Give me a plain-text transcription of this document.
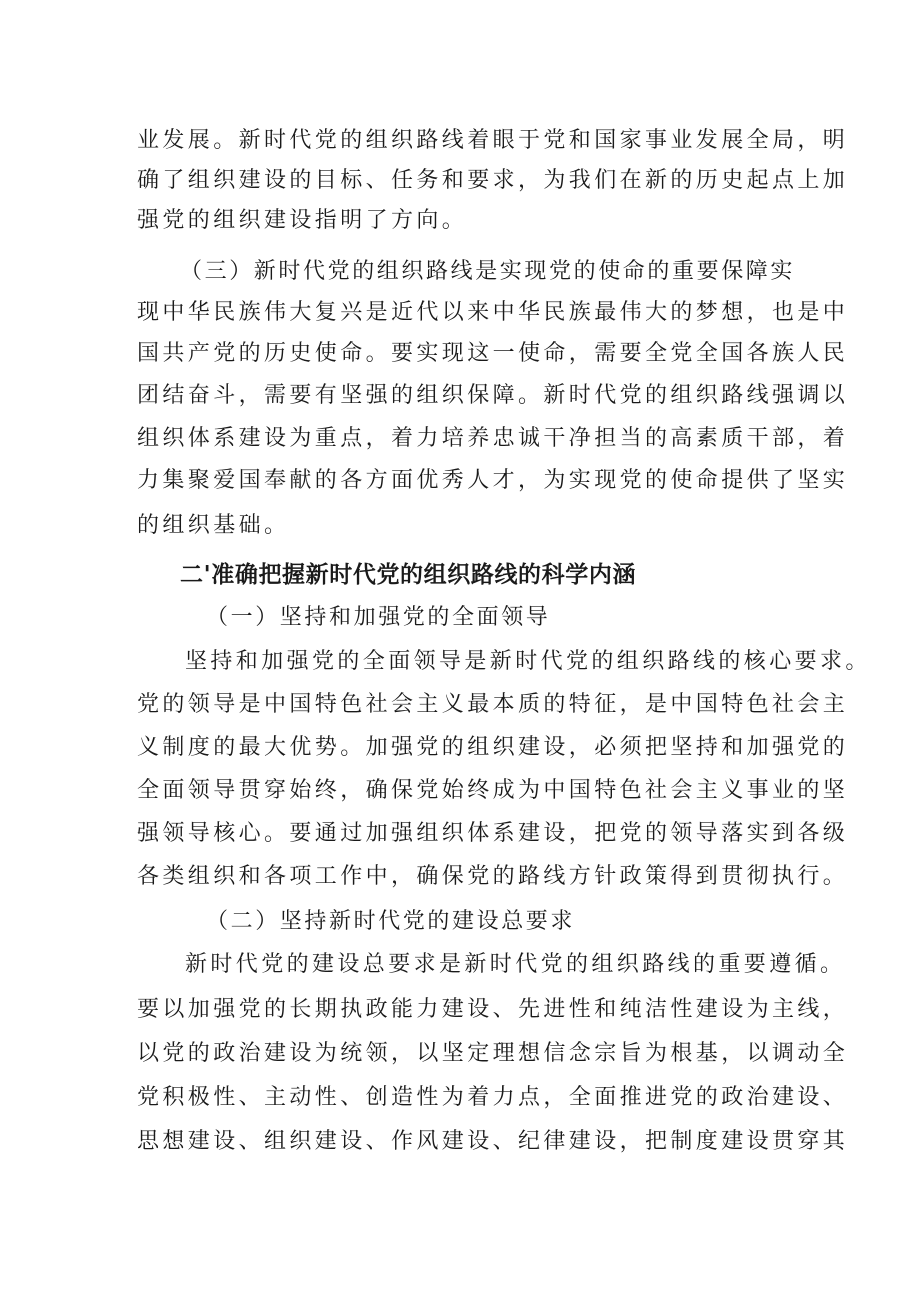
业发展。新时代党的组织路线着眼于党和国家事业发展全局，明
确了组织建设的目标、任务和要求，为我们在新的历史起点上加
强党的组织建设指明了方向。
（三）新时代党的组织路线是实现党的使命的重要保障实
现中华民族伟大复兴是近代以来中华民族最伟大的梦想，也是中
国共产党的历史使命。要实现这一使命，需要全党全国各族人民
团结奋斗，需要有坚强的组织保障。新时代党的组织路线强调以
组织体系建设为重点，着力培养忠诚干净担当的高素质干部，着
力集聚爱国奉献的各方面优秀人才，为实现党的使命提供了坚实
的组织基础。
二'准确把握新时代党的组织路线的科学内涵
（一）坚持和加强党的全面领导
坚持和加强党的全面领导是新时代党的组织路线的核心要求。
党的领导是中国特色社会主义最本质的特征，是中国特色社会主
义制度的最大优势。加强党的组织建设，必须把坚持和加强党的
全面领导贯穿始终，确保党始终成为中国特色社会主义事业的坚
强领导核心。要通过加强组织体系建设，把党的领导落实到各级
各类组织和各项工作中，确保党的路线方针政策得到贯彻执行。
（二）坚持新时代党的建设总要求
新时代党的建设总要求是新时代党的组织路线的重要遵循。
要以加强党的长期执政能力建设、先进性和纯洁性建设为主线，
以党的政治建设为统领，以坚定理想信念宗旨为根基，以调动全
党积极性、主动性、创造性为着力点，全面推进党的政治建设、
思想建设、组织建设、作风建设、纪律建设，把制度建设贯穿其
